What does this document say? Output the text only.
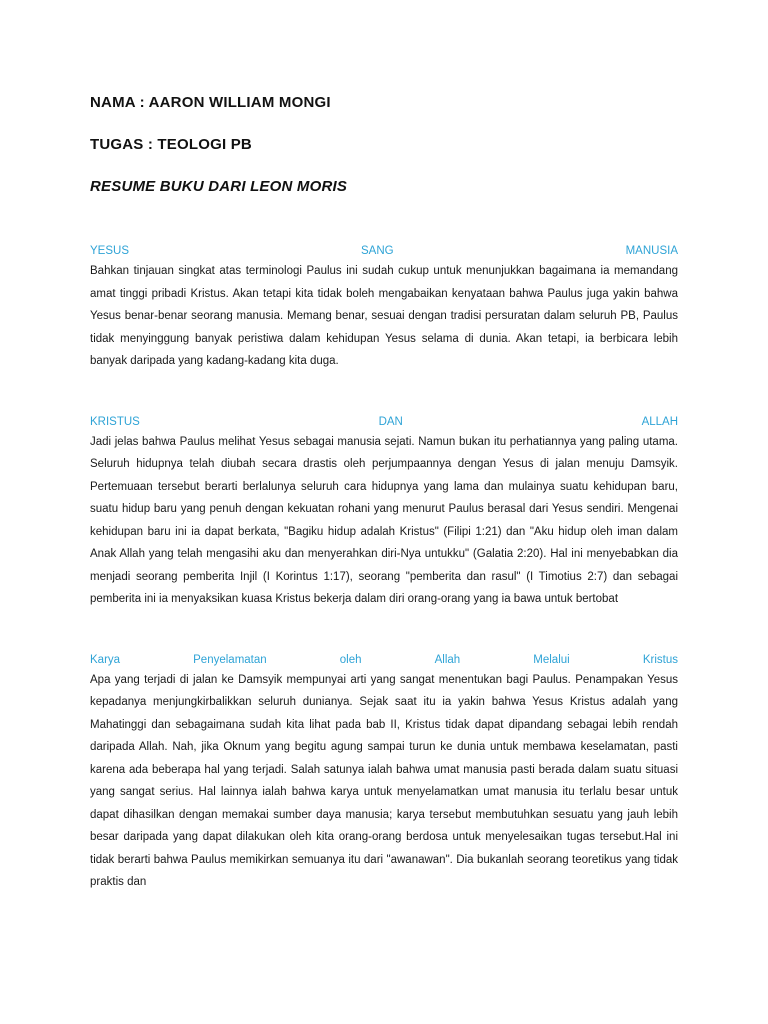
NAMA : AARON WILLIAM MONGI

TUGAS : TEOLOGI PB

RESUME BUKU DARI LEON MORIS

YESUS	SANG	MANUSIA

Bahkan tinjauan singkat atas terminologi Paulus ini sudah cukup untuk menunjukkan bagaimana ia memandang amat tinggi pribadi Kristus. Akan tetapi kita tidak boleh mengabaikan kenyataan bahwa Paulus juga yakin bahwa Yesus benar-benar seorang manusia. Memang benar, sesuai dengan tradisi persuratan dalam seluruh PB, Paulus tidak menyinggung banyak peristiwa dalam kehidupan Yesus selama di dunia. Akan tetapi, ia berbicara lebih banyak daripada yang kadang-kadang kita duga.

KRISTUS	DAN	ALLAH

Jadi jelas bahwa Paulus melihat Yesus sebagai manusia sejati. Namun bukan itu perhatiannya yang paling utama. Seluruh hidupnya telah diubah secara drastis oleh perjumpaannya dengan Yesus di jalan menuju Damsyik. Pertemuaan tersebut berarti berlalunya seluruh cara hidupnya yang lama dan mulainya suatu kehidupan baru, suatu hidup baru yang penuh dengan kekuatan rohani yang menurut Paulus berasal dari Yesus sendiri. Mengenai kehidupan baru ini ia dapat berkata, "Bagiku hidup adalah Kristus" (Filipi 1:21) dan "Aku hidup oleh iman dalam Anak Allah yang telah mengasihi aku dan menyerahkan diri-Nya untukku" (Galatia 2:20). Hal ini menyebabkan dia menjadi seorang pemberita Injil (I Korintus 1:17), seorang "pemberita dan rasul" (I Timotius 2:7) dan sebagai pemberita ini ia menyaksikan kuasa Kristus bekerja dalam diri orang-orang yang ia bawa untuk bertobat

Karya	Penyelamatan	oleh	Allah	Melalui	Kristus

Apa yang terjadi di jalan ke Damsyik mempunyai arti yang sangat menentukan bagi Paulus. Penampakan Yesus kepadanya menjungkirbalikkan seluruh dunianya. Sejak saat itu ia yakin bahwa Yesus Kristus adalah yang Mahatinggi dan sebagaimana sudah kita lihat pada bab II, Kristus tidak dapat dipandang sebagai lebih rendah daripada Allah. Nah, jika Oknum yang begitu agung sampai turun ke dunia untuk membawa keselamatan, pasti karena ada beberapa hal yang terjadi. Salah satunya ialah bahwa umat manusia pasti berada dalam suatu situasi yang sangat serius. Hal lainnya ialah bahwa karya untuk menyelamatkan umat manusia itu terlalu besar untuk dapat dihasilkan dengan memakai sumber daya manusia; karya tersebut membutuhkan sesuatu yang jauh lebih besar daripada yang dapat dilakukan oleh kita orang-orang berdosa untuk menyelesaikan tugas tersebut.Hal ini tidak berarti bahwa Paulus memikirkan semuanya itu dari "awanawan". Dia bukanlah seorang teoretikus yang tidak praktis dan
